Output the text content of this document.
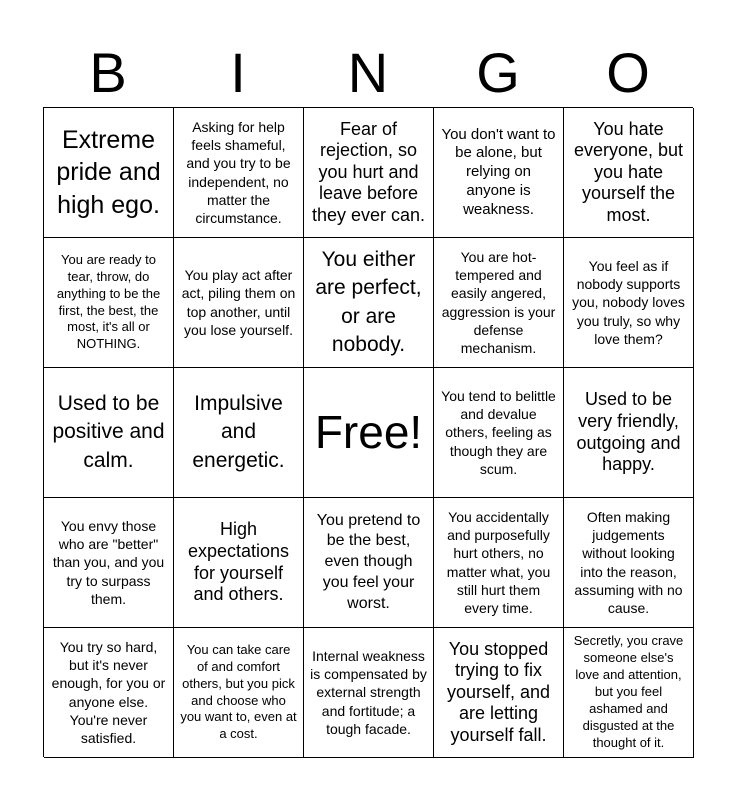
B	I	N	G	O
Extreme pride and high ego.
Asking for help feels shameful, and you try to be independent, no matter the circumstance.
Fear of rejection, so you hurt and leave before they ever can.
You don't want to be alone, but relying on anyone is weakness.
You hate everyone, but you hate yourself the most.
You are ready to tear, throw, do anything to be the first, the best, the most, it's all or NOTHING.
You play act after act, piling them on top another, until you lose yourself.
You either are perfect, or are nobody.
You are hot-tempered and easily angered, aggression is your defense mechanism.
You feel as if nobody supports you, nobody loves you truly, so why love them?
Used to be positive and calm.
Impulsive and energetic.
Free!
You tend to belittle and devalue others, feeling as though they are scum.
Used to be very friendly, outgoing and happy.
You envy those who are "better" than you, and you try to surpass them.
High expectations for yourself and others.
You pretend to be the best, even though you feel your worst.
You accidentally and purposefully hurt others, no matter what, you still hurt them every time.
Often making judgements without looking into the reason, assuming with no cause.
You try so hard, but it's never enough, for you or anyone else. You're never satisfied.
You can take care of and comfort others, but you pick and choose who you want to, even at a cost.
Internal weakness is compensated by external strength and fortitude; a tough facade.
You stopped trying to fix yourself, and are letting yourself fall.
Secretly, you crave someone else's love and attention, but you feel ashamed and disgusted at the thought of it.
